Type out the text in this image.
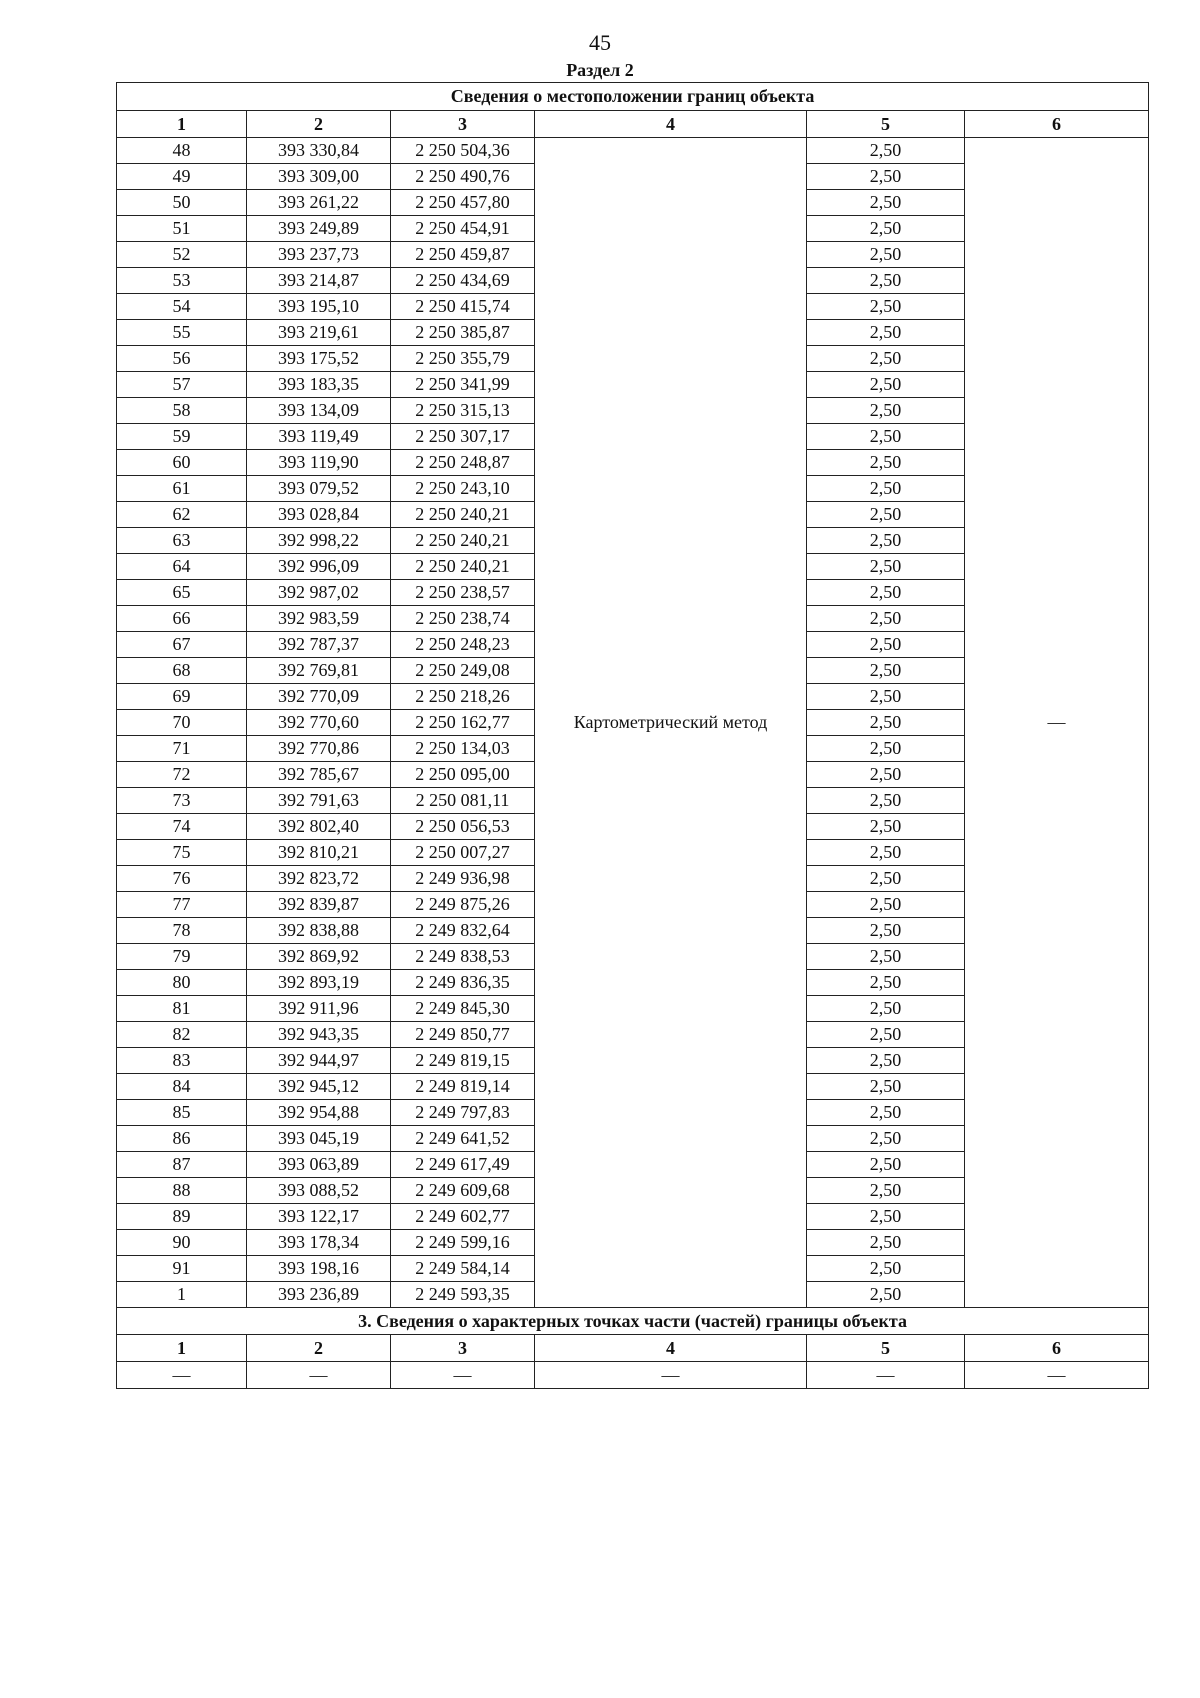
45
Раздел 2
Сведения о местоположении границ объекта					
1	2	3	4	5	6
48	393 330,84	2 250 504,36	Картометрический метод	2,50	—
49	393 309,00	2 250 490,76		2,50	
50	393 261,22	2 250 457,80		2,50	
51	393 249,89	2 250 454,91		2,50	
52	393 237,73	2 250 459,87		2,50	
53	393 214,87	2 250 434,69		2,50	
54	393 195,10	2 250 415,74		2,50	
55	393 219,61	2 250 385,87		2,50	
56	393 175,52	2 250 355,79		2,50	
57	393 183,35	2 250 341,99		2,50	
58	393 134,09	2 250 315,13		2,50	
59	393 119,49	2 250 307,17		2,50	
60	393 119,90	2 250 248,87		2,50	
61	393 079,52	2 250 243,10		2,50	
62	393 028,84	2 250 240,21		2,50	
63	392 998,22	2 250 240,21		2,50	
64	392 996,09	2 250 240,21		2,50	
65	392 987,02	2 250 238,57		2,50	
66	392 983,59	2 250 238,74		2,50	
67	392 787,37	2 250 248,23		2,50	
68	392 769,81	2 250 249,08		2,50	
69	392 770,09	2 250 218,26		2,50	
70	392 770,60	2 250 162,77		2,50	
71	392 770,86	2 250 134,03		2,50	
72	392 785,67	2 250 095,00		2,50	
73	392 791,63	2 250 081,11		2,50	
74	392 802,40	2 250 056,53		2,50	
75	392 810,21	2 250 007,27		2,50	
76	392 823,72	2 249 936,98		2,50	
77	392 839,87	2 249 875,26		2,50	
78	392 838,88	2 249 832,64		2,50	
79	392 869,92	2 249 838,53		2,50	
80	392 893,19	2 249 836,35		2,50	
81	392 911,96	2 249 845,30		2,50	
82	392 943,35	2 249 850,77		2,50	
83	392 944,97	2 249 819,15		2,50	
84	392 945,12	2 249 819,14		2,50	
85	392 954,88	2 249 797,83		2,50	
86	393 045,19	2 249 641,52		2,50	
87	393 063,89	2 249 617,49		2,50	
88	393 088,52	2 249 609,68		2,50	
89	393 122,17	2 249 602,77		2,50	
90	393 178,34	2 249 599,16		2,50	
91	393 198,16	2 249 584,14		2,50	
1	393 236,89	2 249 593,35		2,50	
3. Сведения о характерных точках части (частей) границы объекта					
1	2	3	4	5	6
—	—	—	—	—	—
